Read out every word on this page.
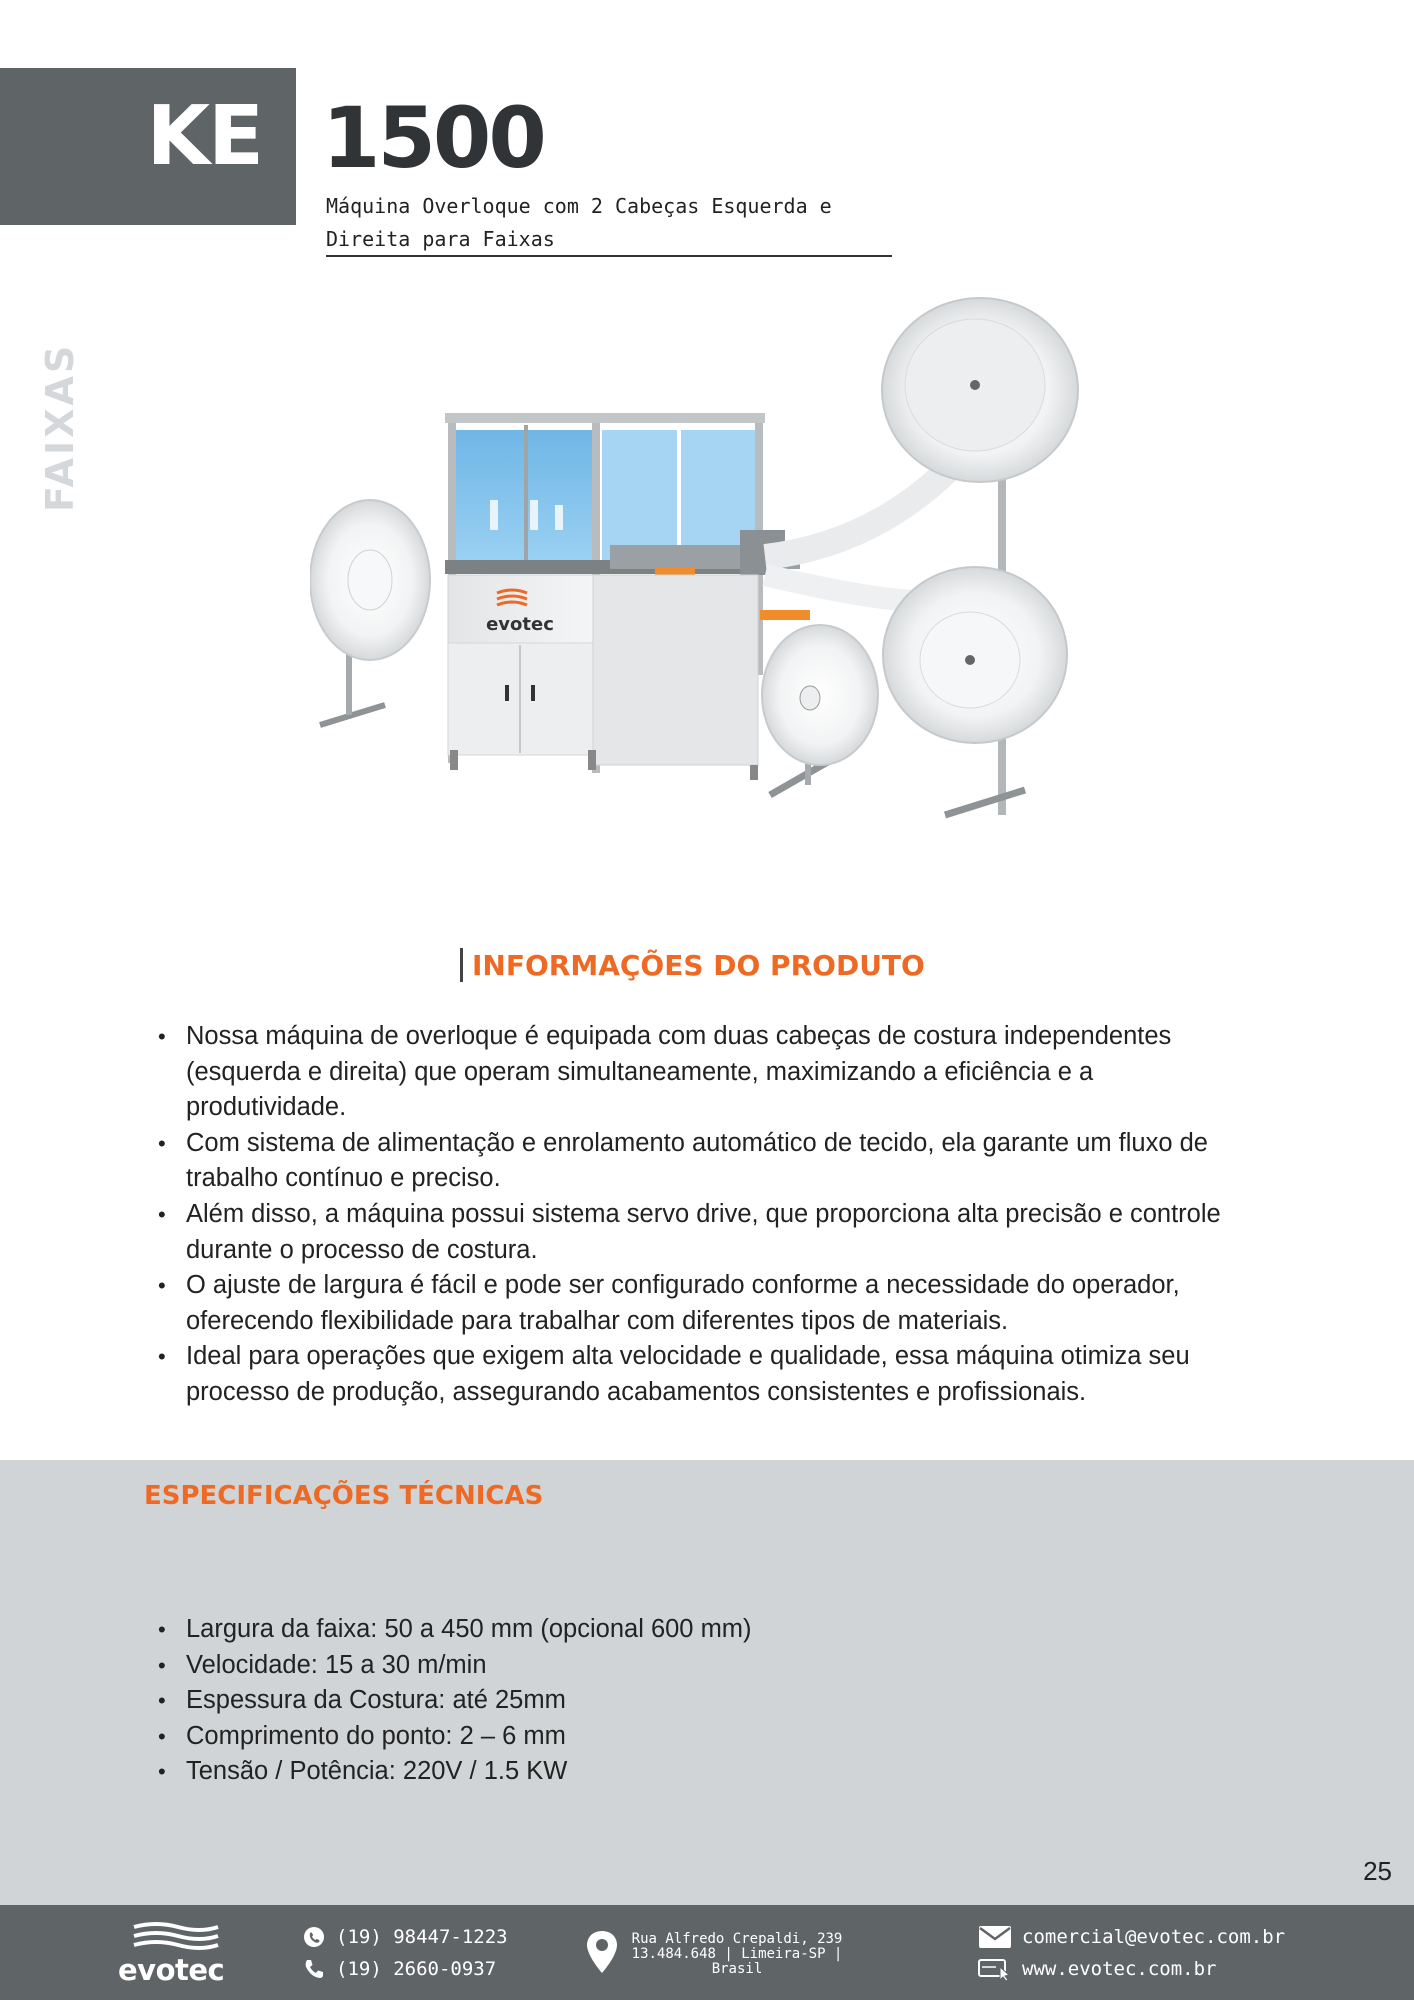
KE 1500
Máquina Overloque com 2 Cabeças Esquerda e Direita para Faixas
FAIXAS
evotec
INFORMAÇÕES DO PRODUTO
• Nossa máquina de overloque é equipada com duas cabeças de costura independentes (esquerda e direita) que operam simultaneamente, maximizando a eficiência e a produtividade.
• Com sistema de alimentação e enrolamento automático de tecido, ela garante um fluxo de trabalho contínuo e preciso.
• Além disso, a máquina possui sistema servo drive, que proporciona alta precisão e controle durante o processo de costura.
• O ajuste de largura é fácil e pode ser configurado conforme a necessidade do operador, oferecendo flexibilidade para trabalhar com diferentes tipos de materiais.
• Ideal para operações que exigem alta velocidade e qualidade, essa máquina otimiza seu processo de produção, assegurando acabamentos consistentes e profissionais.
ESPECIFICAÇÕES TÉCNICAS
• Largura da faixa: 50 a 450 mm (opcional 600 mm)
• Velocidade: 15 a 30 m/min
• Espessura da Costura: até 25mm
• Comprimento do ponto: 2 – 6 mm
• Tensão / Potência: 220V / 1.5 KW
25
evotec
(19) 98447-1223
(19) 2660-0937
Rua Alfredo Crepaldi, 239
13.484.648 | Limeira-SP |
Brasil
comercial@evotec.com.br
www.evotec.com.br
